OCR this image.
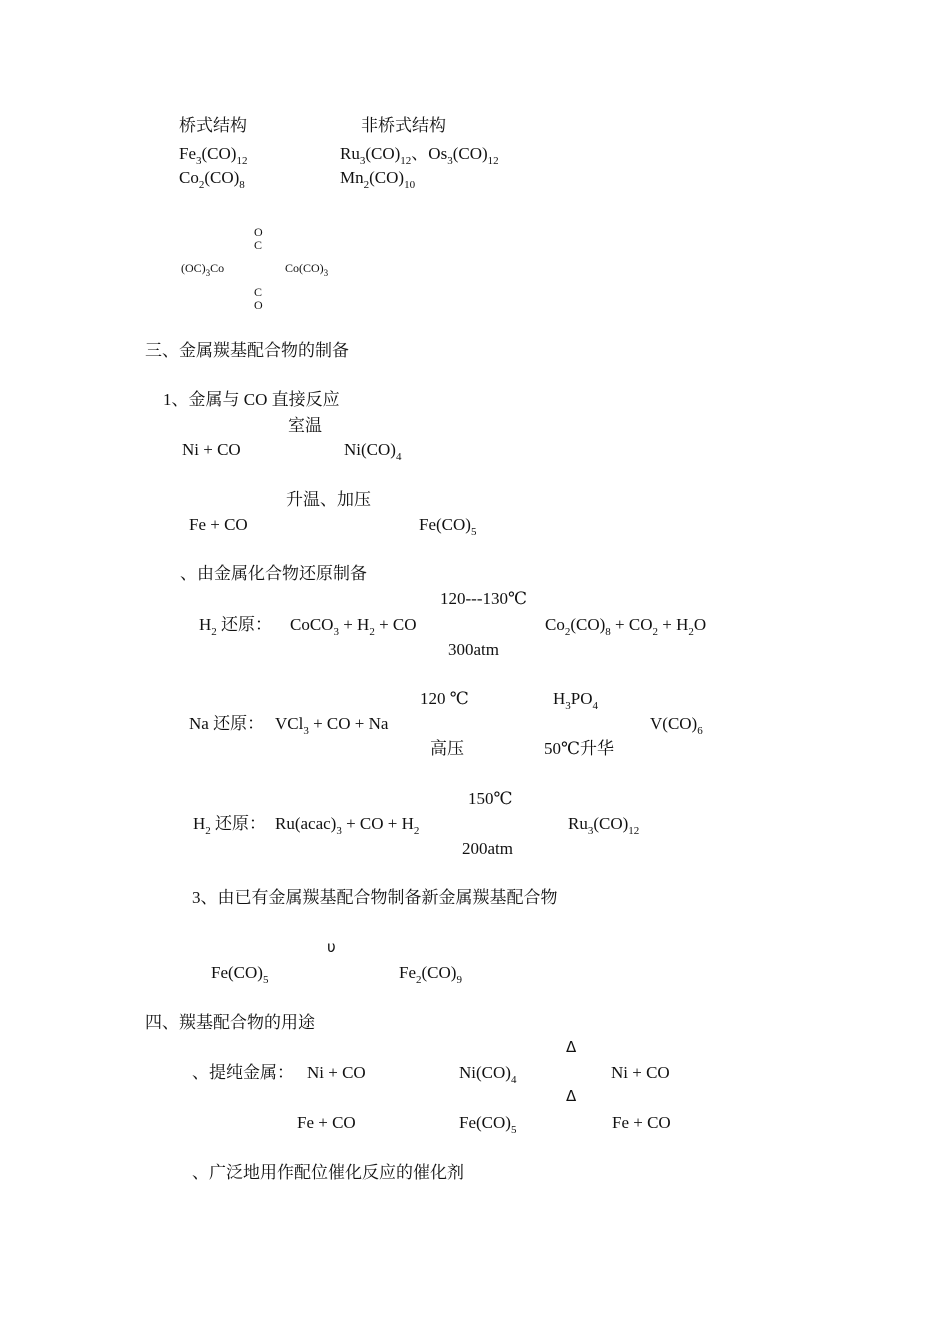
桥式结构	非桥式结构
$Fe_3(CO)_{12}$	$Ru_3(CO)_{12}$、$Os_3(CO)_{12}$
$Co_2(CO)_8$	$Mn_2(CO)_{10}$
O
C
$(OC)_3Co$	$Co(CO)_3$
C
O
三、金属羰基配合物的制备
1、金属与 CO 直接反应
室温
Ni + CO	$Ni(CO)_4$
升温、加压
Fe + CO	$Fe(CO)_5$
、由金属化合物还原制备
120---130℃
$H_2$ 还原： CoCO$_3$ + $H_2$ + CO	$Co_2(CO)_8 + CO_2 + H_2O$
300atm
120 ℃	$H_3PO_4$
Na 还原： VCl$_3$ + CO + Na	$V(CO)_6$
高压	50℃升华
150℃
$H_2$ 还原： $Ru(acac)_3$ + CO + $H_2$	$Ru_3(CO)_{12}$
200atm
3、由已有金属羰基配合物制备新金属羰基配合物
υ
$Fe(CO)_5$	$Fe_2(CO)_9$
四、羰基配合物的用途
Δ
、提纯金属： Ni + CO	$Ni(CO)_4$	Ni + CO
Δ
Fe + CO	$Fe(CO)_5$	Fe + CO
、广泛地用作配位催化反应的催化剂
